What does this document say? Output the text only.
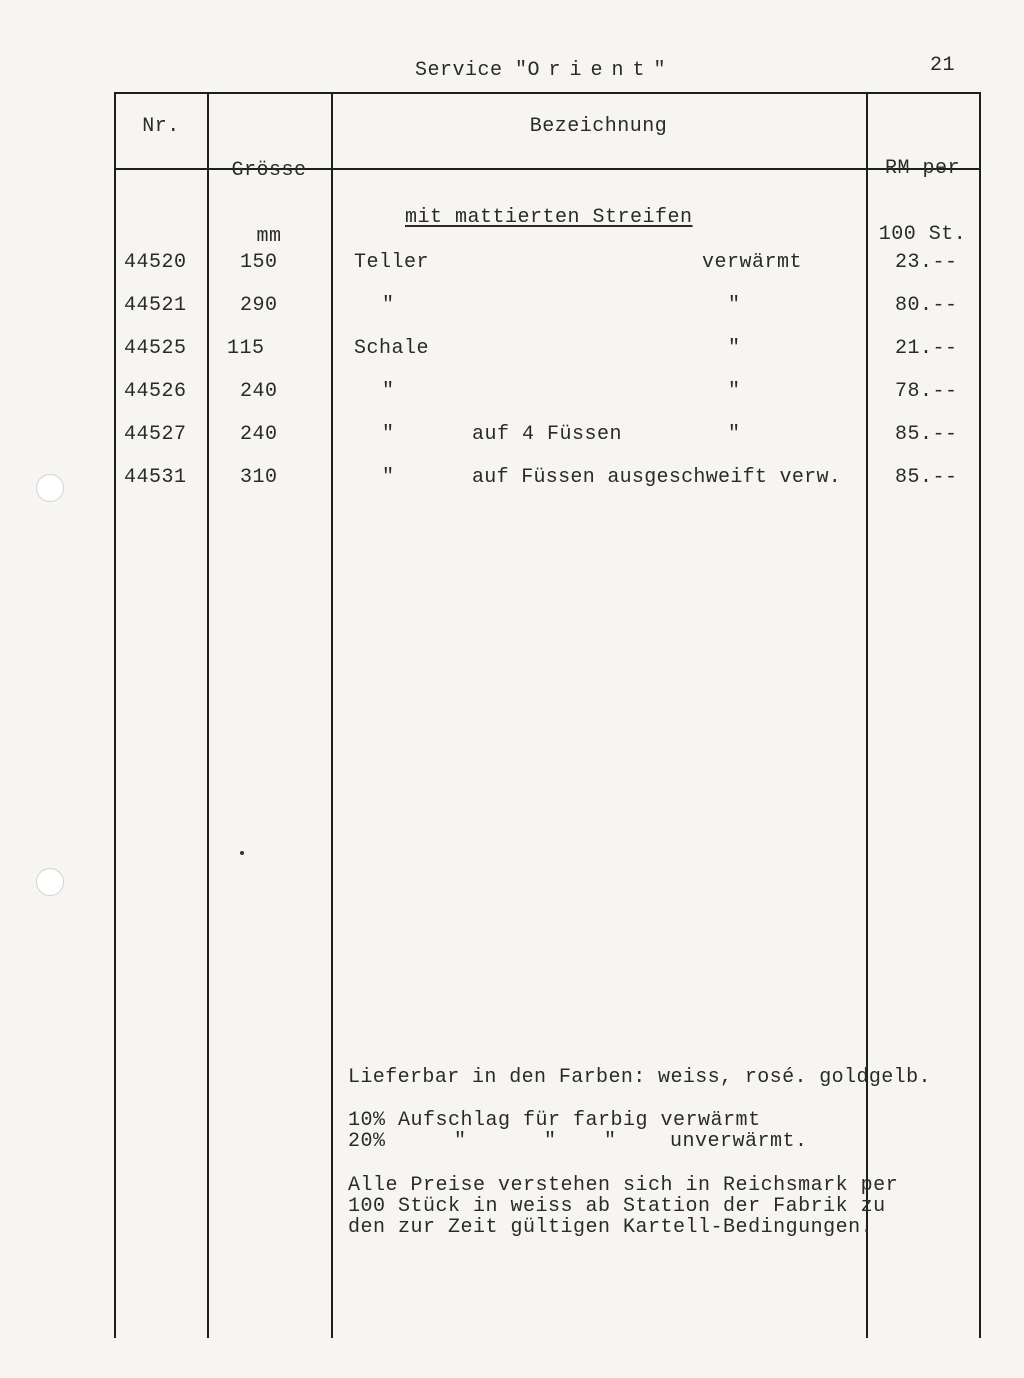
Service "Orient"	21
Nr.

Grösse

mm

Bezeichnung

RM per

100 St.

mit mattierten Streifen
44520	150	Teller	verwärmt	23.--
44521	290	"	"	80.--
44525 115	Schale	"	21.--
44526	240	"	"	78.--
44527	240	"	auf 4 Füssen	"	85.--
44531	310	"	auf Füssen ausgeschweift verw.	85.--
Lieferbar in den Farben: weiss, rosé. goldgelb.
10% Aufschlag für farbig verwärmt
20%	"	" "	unverwärmt.
Alle Preise verstehen sich in Reichsmark per
100 Stück in weiss ab Station der Fabrik zu
den zur Zeit gültigen Kartell-Bedingungen.
